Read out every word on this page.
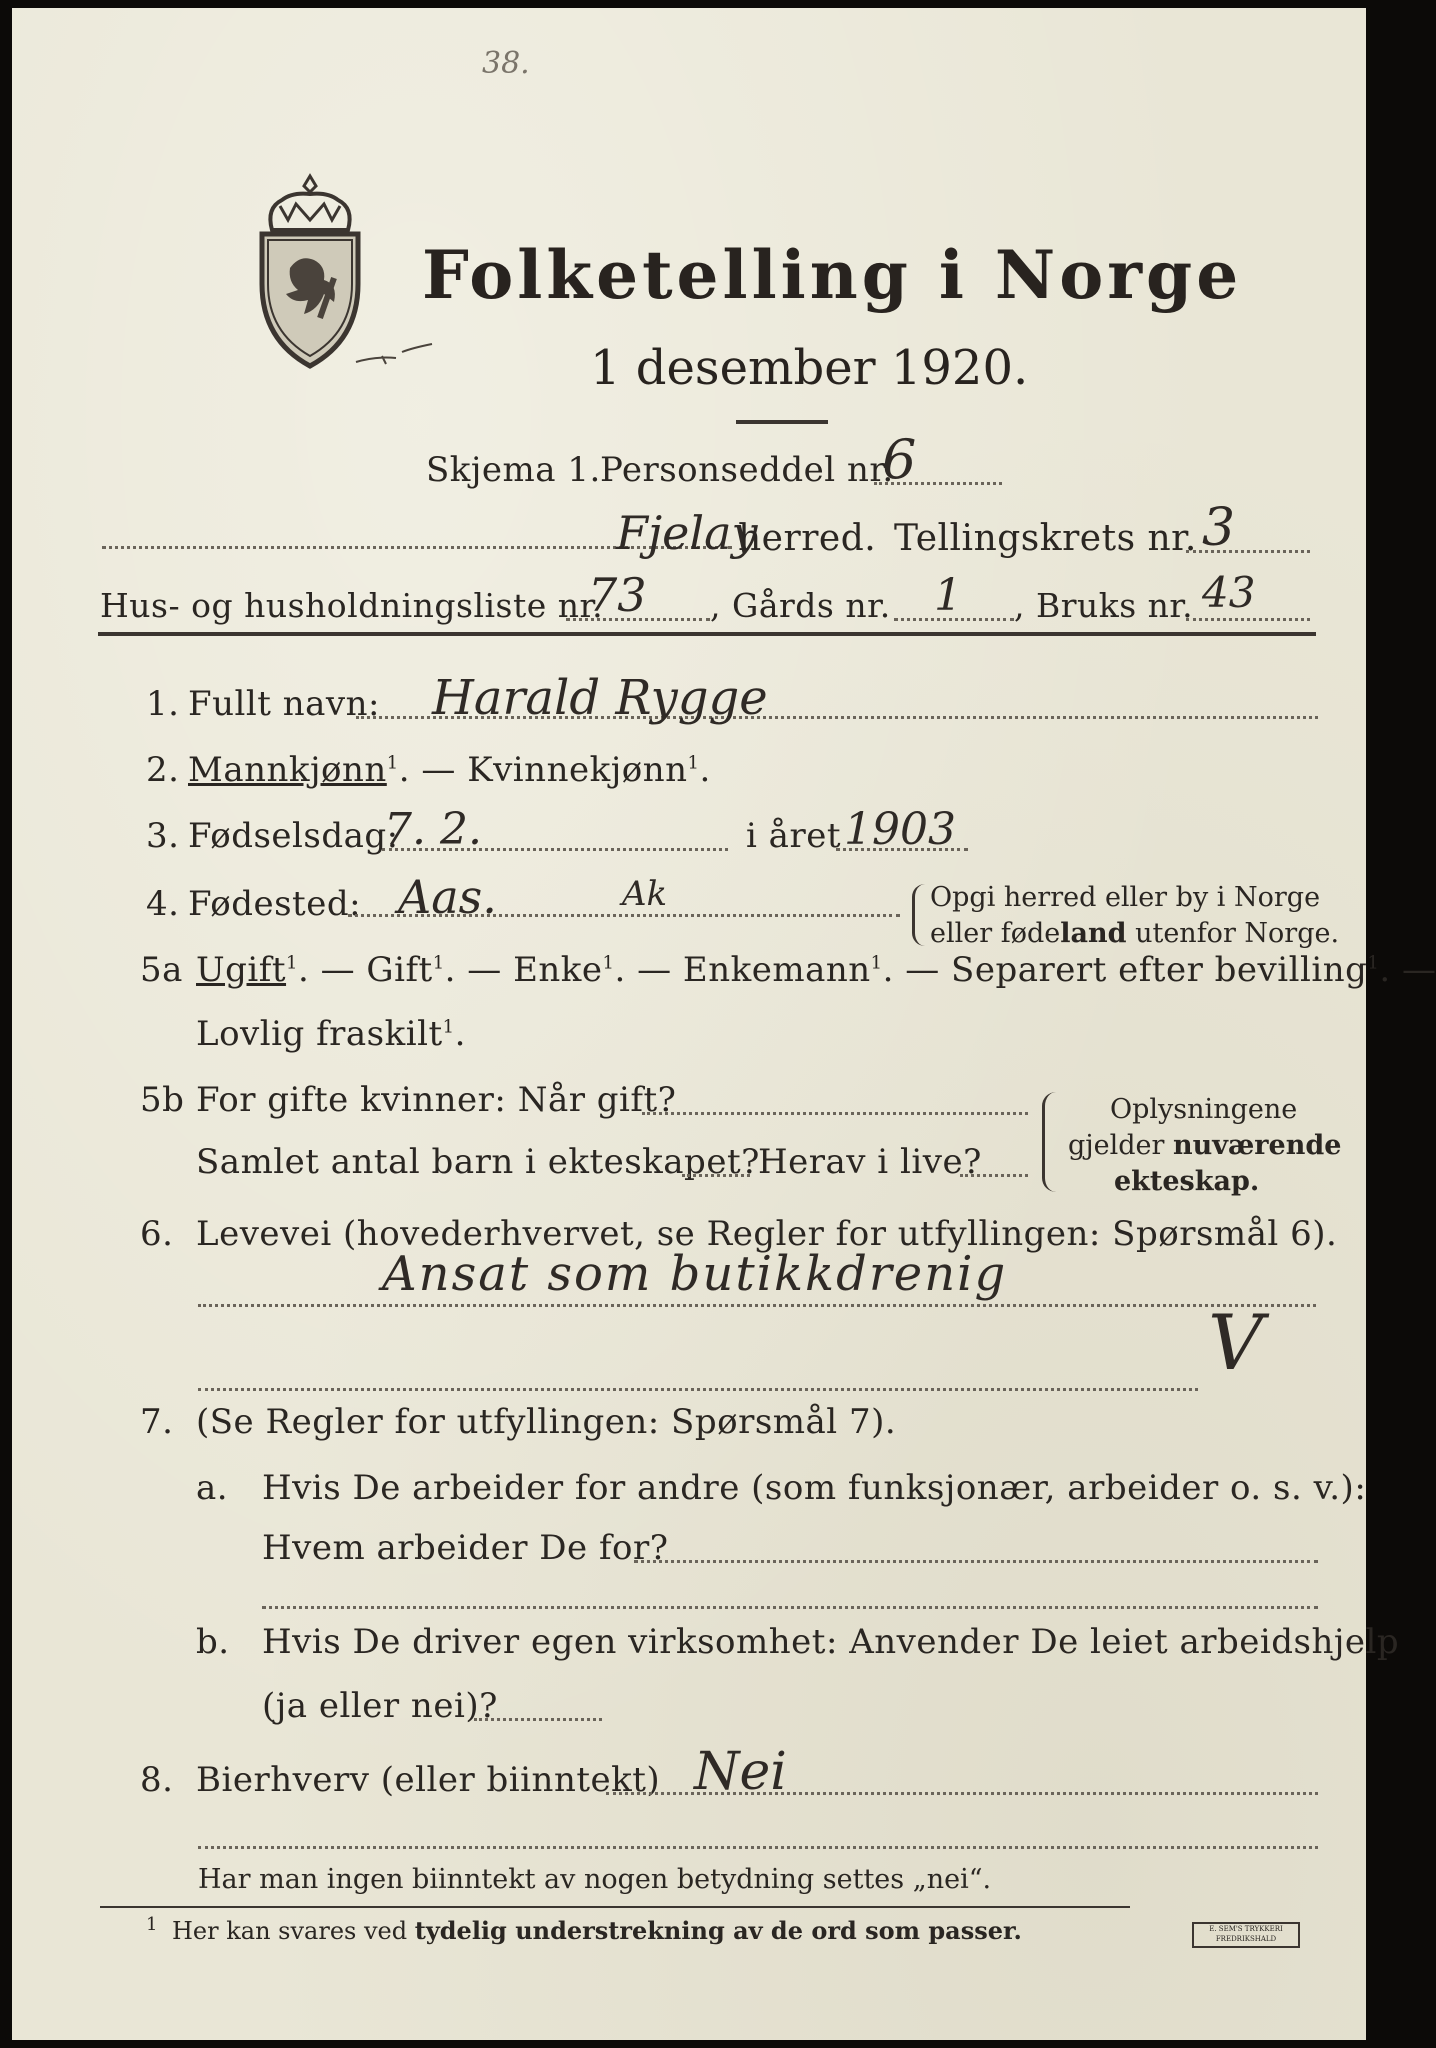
38.
Folketelling i Norge
1 desember 1920.
Skjema 1. Personseddel nr.
6
Fjelay
herred. Tellingskrets nr. 3
Hus- og husholdningsliste nr.
73 , Gårds nr. 1 , Bruks nr. 43
1. Fullt navn: Harald Rygge
2. Mannkjønn$^1$. — Kvinnekjønn$^1$.
3. Fødselsdag:
7. 2.	i året 1903
4. Fødested: Aas.	Ak	Opgi herred eller by i Norge
eller fødeland utenfor Norge.
5a Ugift$^1$. — Gift$^1$. — Enke$^1$. — Enkemann$^1$. — Separert efter bevilling$^1$. —
Lovlig fraskilt$^1$.
5b For gifte kvinner: Når gift?
Samlet antal barn i ekteskapet?
Herav i live?
Oplysningene
gjelder nuværende
ekteskap.
6. Levevei (hovederhvervet, se Regler for utfyllingen: Spørsmål 6).
Ansat som butikkdrenig
V
7. (Se Regler for utfyllingen: Spørsmål 7).
a. Hvis De arbeider for andre (som funksjonær, arbeider o. s. v.):
Hvem arbeider De for?
b. Hvis De driver egen virksomhet: Anvender De leiet arbeidshjelp
(ja eller nei)?
8. Bierhverv (eller biinntekt) Nei
Har man ingen biinntekt av nogen betydning settes „nei“.
1 Her kan svares ved tydelig understrekning av de ord som passer.	E. SEM'S TRYKKERI FREDRIKSHALD
